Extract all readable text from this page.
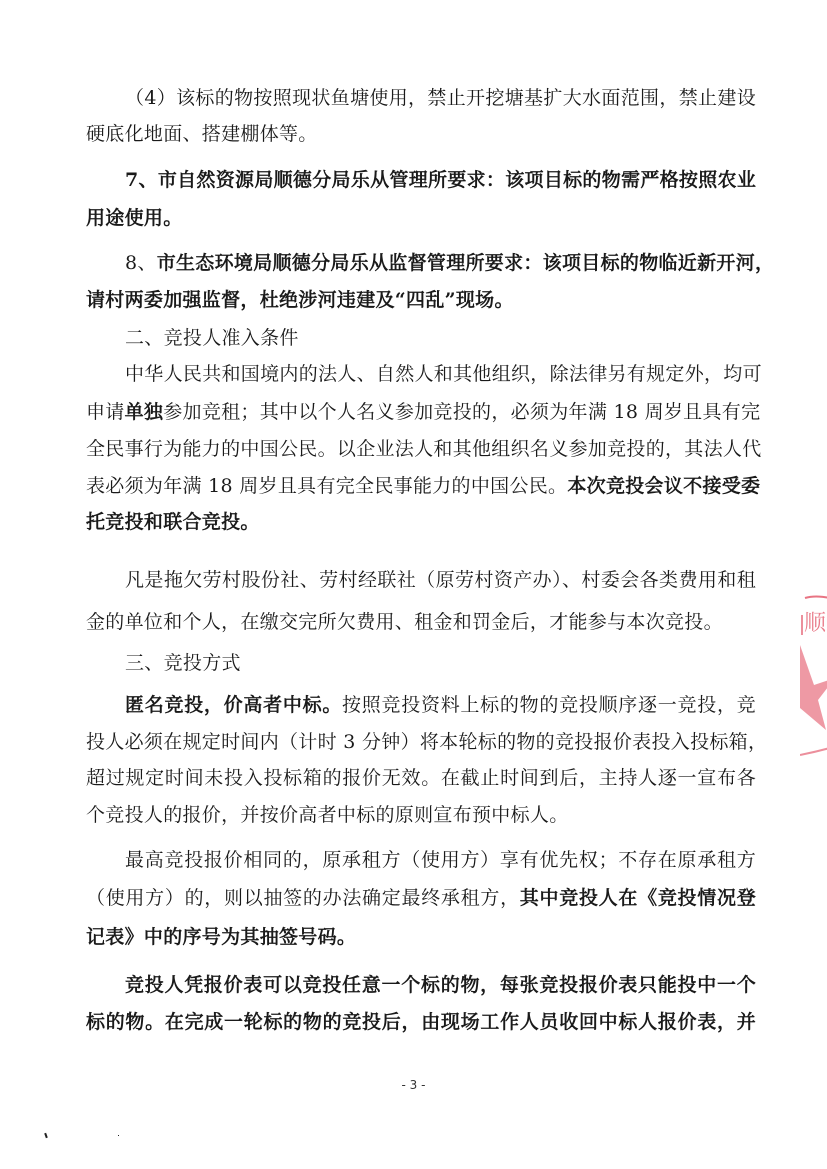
（4）该标的物按照现状鱼塘使用，禁止开挖塘基扩大水面范围，禁止建设
硬底化地面、搭建棚体等。
7、市自然资源局顺德分局乐从管理所要求：该项目标的物需严格按照农业
用途使用。
8、市生态环境局顺德分局乐从监督管理所要求：该项目标的物临近新开河，
请村两委加强监督，杜绝涉河违建及“四乱”现场。
二、竞投人准入条件
中华人民共和国境内的法人、自然人和其他组织，除法律另有规定外，均可
申请单独参加竞租；其中以个人名义参加竞投的，必须为年满 18 周岁且具有完
全民事行为能力的中国公民。以企业法人和其他组织名义参加竞投的，其法人代
表必须为年满 18 周岁且具有完全民事能力的中国公民。本次竞投会议不接受委
托竞投和联合竞投。
凡是拖欠劳村股份社、劳村经联社（原劳村资产办）、村委会各类费用和租
金的单位和个人，在缴交完所欠费用、租金和罚金后，才能参与本次竞投。
三、竞投方式
匿名竞投，价高者中标。按照竞投资料上标的物的竞投顺序逐一竞投，竞
投人必须在规定时间内（计时 3 分钟）将本轮标的物的竞投报价表投入投标箱，
超过规定时间未投入投标箱的报价无效。在截止时间到后，主持人逐一宣布各
个竞投人的报价，并按价高者中标的原则宣布预中标人。
最高竞投报价相同的，原承租方（使用方）享有优先权；不存在原承租方
（使用方）的，则以抽签的办法确定最终承租方，其中竞投人在《竞投情况登
记表》中的序号为其抽签号码。
竞投人凭报价表可以竞投任意一个标的物，每张竞投报价表只能投中一个
标的物。在完成一轮标的物的竞投后，由现场工作人员收回中标人报价表，并
- 3 -
顺
